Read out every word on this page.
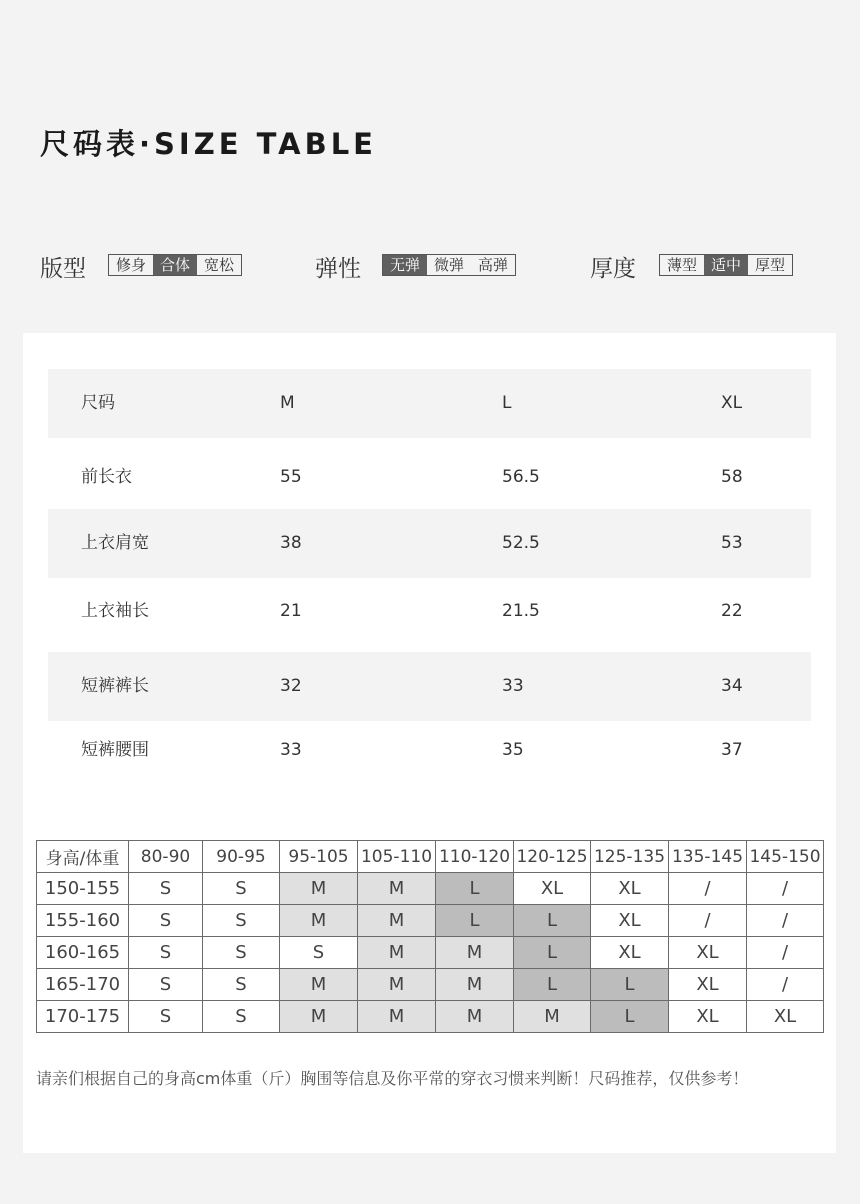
尺码表·SIZE TABLE
版型	修身 合体 宽松	弹性	无弹 微弹 高弹	厚度	薄型 适中 厚型
尺码	M	L	XL
前长衣	55	56.5	58
上衣肩宽	38	52.5	53
上衣袖长	21	21.5	22
短裤裤长	32	33	34
短裤腰围	33	35	37
身高/体重	80-90	90-95	95-105	105-110	110-120	120-125	125-135	135-145	145-150
150-155	S	S	M	M	L	XL	XL	/	/
155-160	S	S	M	M	L	L	XL	/	/
160-165	S	S	S	M	M	L	XL	XL	/
165-170	S	S	M	M	M	L	L	XL	/
170-175	S	S	M	M	M	M	L	XL	XL
请亲们根据自己的身高cm体重（斤）胸围等信息及你平常的穿衣习惯来判断！尺码推荐，仅供参考！
